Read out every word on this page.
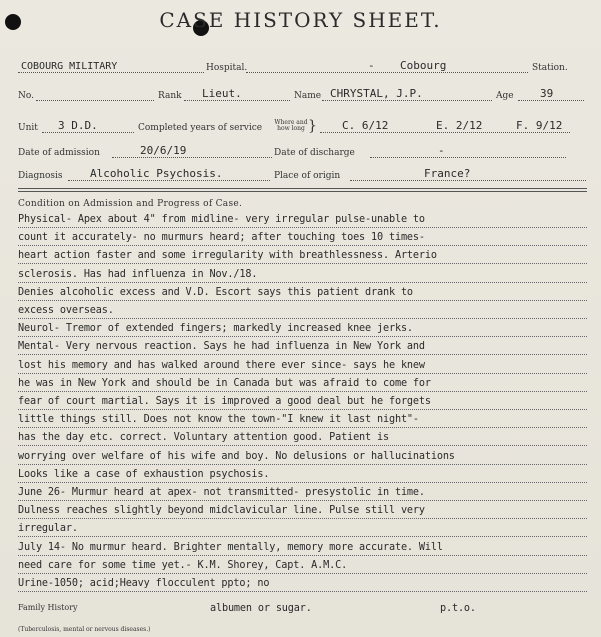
CASE HISTORY SHEET.
COBOURG MILITARY	Hospital.	- Cobourg	Station.
No.	Rank Lieut.	Name CHRYSTAL, J.P.	Age 39
Unit 3 D.D.	Completed years of service
Where and how long } C. 6/12	E. 2/12	F. 9/12
Date of admission	20/6/19	Date of discharge	-
Diagnosis Alcoholic Psychosis.	Place of origin	France?
Condition on Admission and Progress of Case.
Physical- Apex about 4" from midline- very irregular pulse-unable to
count it accurately- no murmurs heard; after touching toes 10 times-
heart action faster and some irregularity with breathlessness. Arterio
sclerosis. Has had influenza in Nov./18.
Denies alcoholic excess and V.D. Escort says this patient drank to
excess overseas.
Neurol- Tremor of extended fingers; markedly increased knee jerks.
Mental- Very nervous reaction. Says he had influenza in New York and
lost his memory and has walked around there ever since- says he knew
he was in New York and should be in Canada but was afraid to come for
fear of court martial. Says it is improved a good deal but he forgets
little things still. Does not know the town-"I knew it last night"-
has the day etc. correct. Voluntary attention good. Patient is
worrying over welfare of his wife and boy. No delusions or hallucinations
Looks like a case of exhaustion psychosis.
June 26- Murmur heard at apex- not transmitted- presystolic in time.
Dulness reaches slightly beyond midclavicular line. Pulse still very
irregular.
July 14- No murmur heard. Brighter mentally, memory more accurate. Will
need care for some time yet.- K.M. Shorey, Capt. A.M.C.
Urine-1050; acid;Heavy flocculent ppto; no
albumen or sugar.	p.t.o.
Family History
(Tuberculosis, mental or nervous diseases.)
